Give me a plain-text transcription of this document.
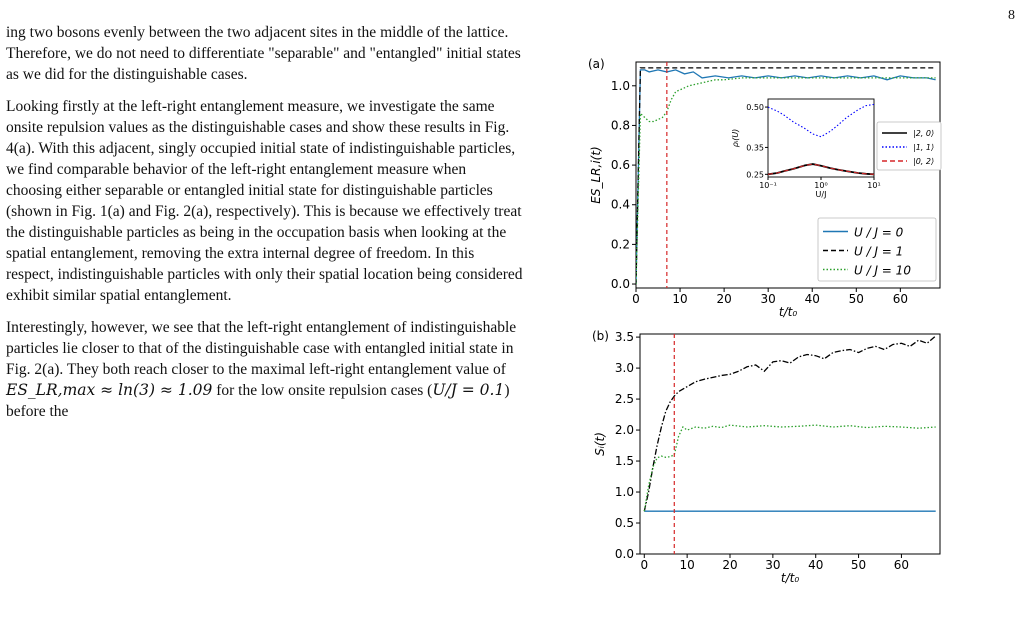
8

ing two bosons evenly between the two adjacent sites in the middle of the lattice. Therefore, we do not need to differentiate "separable" and "entangled" initial states as we did for the distinguishable cases.

Looking firstly at the left-right entanglement measure, we investigate the same onsite repulsion values as the distinguishable cases and show these results in Fig. 4(a). With this adjacent, singly occupied initial state of indistinguishable particles, we find comparable behavior of the left-right entanglement measure when choosing either separable or entangled initial state for distinguishable particles (shown in Fig. 1(a) and Fig. 2(a), respectively). This is because we effectively treat the distinguishable particles as being in the occupation basis when looking at the spatial entanglement, removing the extra internal degree of freedom. In this respect, indistinguishable particles with only their spatial location being considered exhibit similar spatial entanglement.

Interestingly, however, we see that the left-right entanglement of indistinguishable particles lie closer to that of the distinguishable case with entangled initial state in Fig. 2(a). They both reach closer to the maximal left-right entanglement value of ES_LR,max ≈ ln(3) ≈ 1.09 for the low onsite repulsion cases (U/J = 0.1) before the

0	10 20 30 40 50 60
0.0
0.2
0.4
0.6
0.8
1.0
t/t₀
ES_LR,i(t)
(a)
U / J = 0
U / J = 1
U / J = 10
10⁻¹	10⁰	10¹
0.25
0.35
0.50
U/J
ρᵢ(U)	|2, 0⟩
|1, 1⟩
|0, 2⟩
0	10 20 30 40 50 60
0.0
0.5
1.0
1.5
2.0
2.5
3.0
3.5
t/t₀
Sᵢ(t)
(b)
